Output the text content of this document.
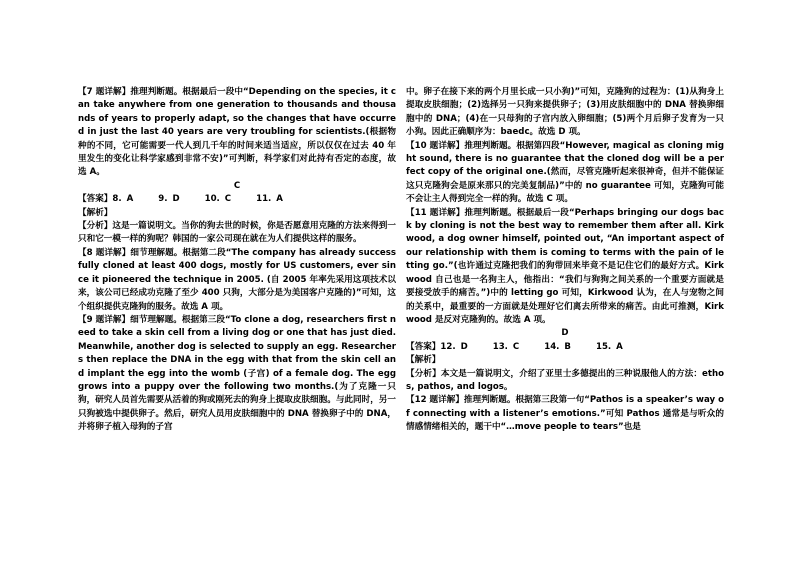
【7 题详解】推理判断题。根据最后一段中“Depending on the species, it can take anywhere from one generation to thousands and thousands of years to properly adapt, so the changes that have occurred in just the last 40 years are very troubling for scientists.(根据物种的不同，它可能需要一代人到几千年的时间来适当适应，所以仅仅在过去 40 年里发生的变化让科学家感到非常不安)”可判断，科学家们对此持有否定的态度，故选 A。

C

【答案】8. A	9. D	10. C	11. A

【解析】

【分析】这是一篇说明文。当你的狗去世的时候，你是否愿意用克隆的方法来得到一只和它一模一样的狗呢？韩国的一家公司现在就在为人们提供这样的服务。

【8 题详解】细节理解题。根据第二段“The company has already successfully cloned at least 400 dogs, mostly for US customers, ever since it pioneered the technique in 2005. (自 2005 年率先采用这项技术以来，该公司已经成功克隆了至少 400 只狗，大部分是为美国客户克隆的)”可知，这个组织提供克隆狗的服务。故选 A 项。

【9 题详解】细节理解题。根据第三段“To clone a dog, researchers first need to take a skin cell from a living dog or one that has just died. Meanwhile, another dog is selected to supply an egg. Researchers then replace the DNA in the egg with that from the skin cell and implant the egg into the womb (子宫) of a female dog. The egg grows into a puppy over the following two months.(为了克隆一只狗，研究人员首先需要从活着的狗或刚死去的狗身上提取皮肤细胞。与此同时，另一只狗被选中提供卵子。然后，研究人员用皮肤细胞中的 DNA 替换卵子中的 DNA，并将卵子植入母狗的子宫

中。卵子在接下来的两个月里长成一只小狗)”可知，克隆狗的过程为：(1)从狗身上提取皮肤细胞；(2)选择另一只狗来提供卵子；(3)用皮肤细胞中的 DNA 替换卵细胞中的 DNA；(4)在一只母狗的子宫内放入卵细胞；(5)两个月后卵子发育为一只小狗。因此正确顺序为：baedc。故选 D 项。

【10 题详解】推理判断题。根据第四段“However, magical as cloning might sound, there is no guarantee that the cloned dog will be a perfect copy of the original one.(然而，尽管克隆听起来很神奇，但并不能保证这只克隆狗会是原来那只的完美复制品)”中的 no guarantee 可知，克隆狗可能不会让主人得到完全一样的狗。故选 C 项。

【11 题详解】推理判断题。根据最后一段“Perhaps bringing our dogs back by cloning is not the best way to remember them after all. Kirkwood, a dog owner himself, pointed out, “An important aspect of our relationship with them is coming to terms with the pain of letting go.”(也许通过克隆把我们的狗带回来毕竟不是记住它们的最好方式。Kirkwood 自己也是一名狗主人，他指出：“我们与狗狗之间关系的一个重要方面就是要接受放手的痛苦。”)中的 letting go 可知，Kirkwood 认为，在人与宠物之间的关系中，最重要的一方面就是处理好它们离去所带来的痛苦。由此可推测，Kirkwood 是反对克隆狗的。故选 A 项。

D

【答案】12. D	13. C	14. B	15. A

【解析】

【分析】本文是一篇说明文，介绍了亚里士多德提出的三种说服他人的方法：ethos, pathos, and logos。

【12 题详解】推理判断题。根据第三段第一句“Pathos is a speaker’s way of connecting with a listener’s emotions.”可知 Pathos 通常是与听众的情感情绪相关的，题干中“…move people to tears”也是
